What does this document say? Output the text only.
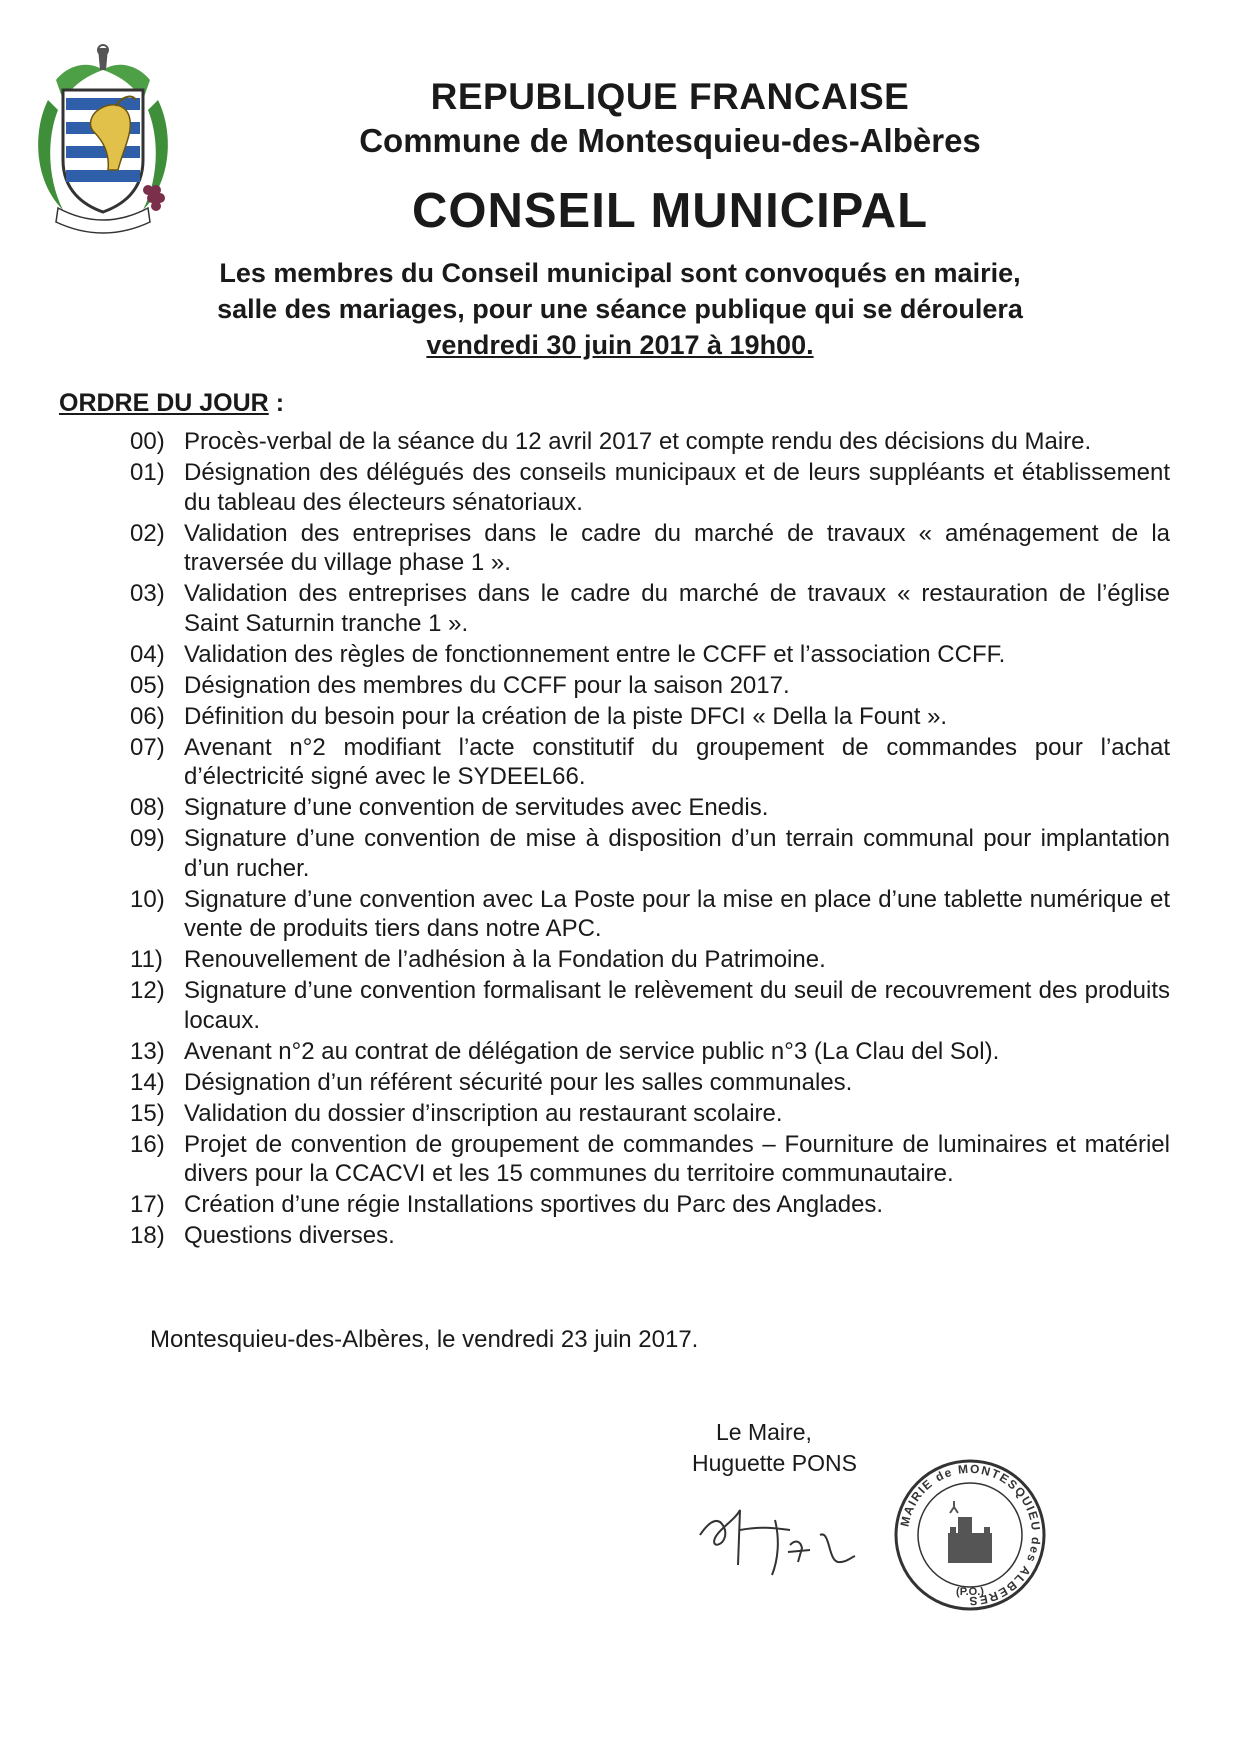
REPUBLIQUE FRANCAISE
Commune de Montesquieu-des-Albères
CONSEIL MUNICIPAL
Les membres du Conseil municipal sont convoqués en mairie,
salle des mariages, pour une séance publique qui se déroulera
vendredi 30 juin 2017 à 19h00.
ORDRE DU JOUR :
00) Procès-verbal de la séance du 12 avril 2017 et compte rendu des décisions du Maire.
01) Désignation des délégués des conseils municipaux et de leurs suppléants et établissement du tableau des électeurs sénatoriaux.
02) Validation des entreprises dans le cadre du marché de travaux « aménagement de la traversée du village phase 1 ».
03) Validation des entreprises dans le cadre du marché de travaux « restauration de l’église Saint Saturnin tranche 1 ».
04) Validation des règles de fonctionnement entre le CCFF et l’association CCFF.
05) Désignation des membres du CCFF pour la saison 2017.
06) Définition du besoin pour la création de la piste DFCI « Della la Fount ».
07) Avenant n°2 modifiant l’acte constitutif du groupement de commandes pour l’achat d’électricité signé avec le SYDEEL66.
08) Signature d’une convention de servitudes avec Enedis.
09) Signature d’une convention de mise à disposition d’un terrain communal pour implantation d’un rucher.
10) Signature d’une convention avec La Poste pour la mise en place d’une tablette numérique et vente de produits tiers dans notre APC.
11) Renouvellement de l’adhésion à la Fondation du Patrimoine.
12) Signature d’une convention formalisant le relèvement du seuil de recouvrement des produits locaux.
13) Avenant n°2 au contrat de délégation de service public n°3 (La Clau del Sol).
14) Désignation d’un référent sécurité pour les salles communales.
15) Validation du dossier d’inscription au restaurant scolaire.
16) Projet de convention de groupement de commandes – Fourniture de luminaires et matériel divers pour la CCACVI et les 15 communes du territoire communautaire.
17) Création d’une régie Installations sportives du Parc des Anglades.
18) Questions diverses.
Montesquieu-des-Albères, le vendredi 23 juin 2017.
Le Maire,
Huguette PONS
MAIRIE de MONTESQUIEU des ALBERES
(P.O.)
